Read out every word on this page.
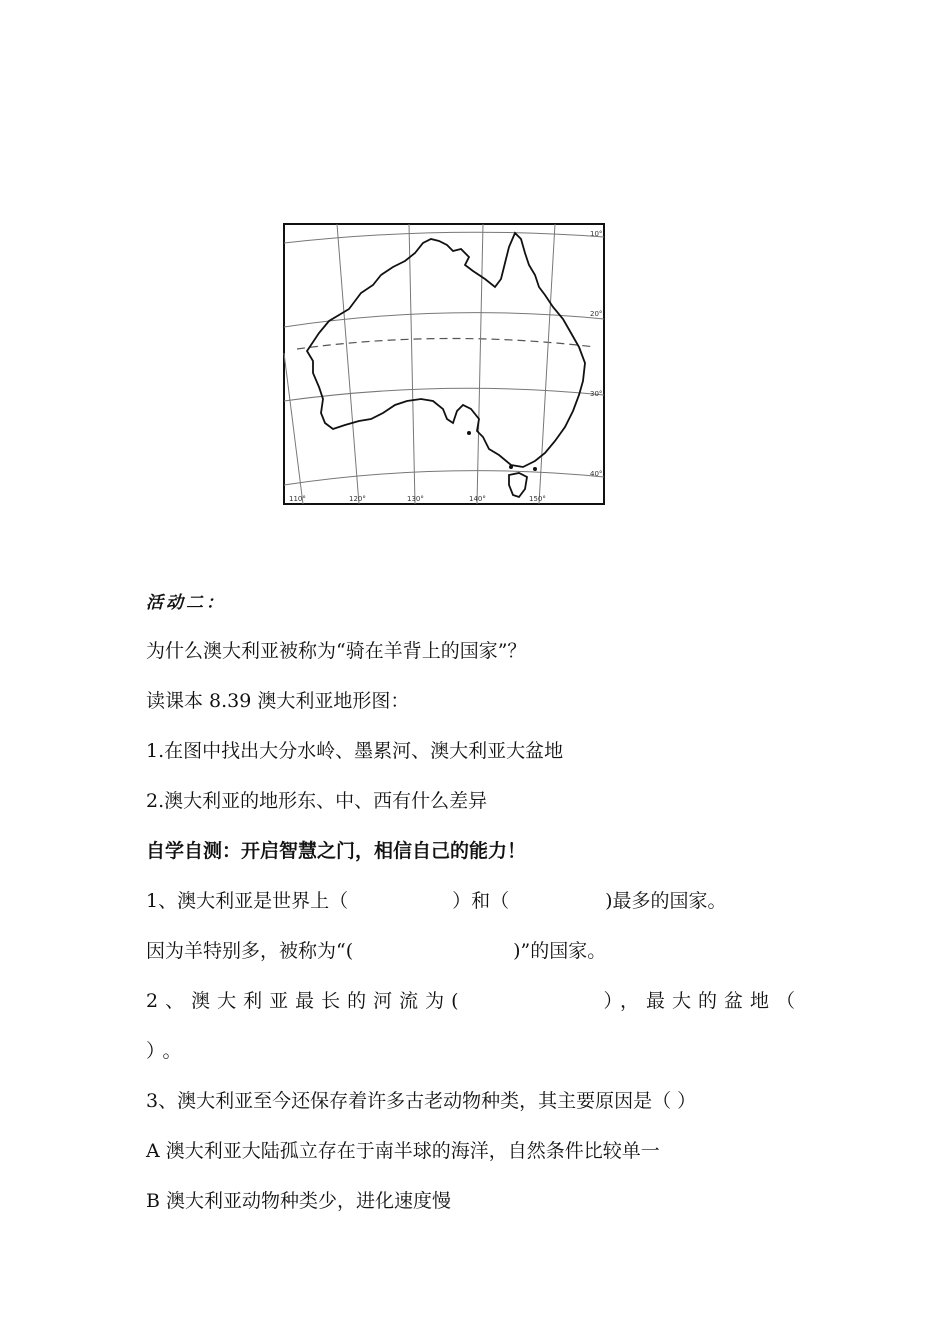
10°
20°
30°
40°
110°	120°	130°	140°	150°
活动二：
为什么澳大利亚被称为“骑在羊背上的国家”？
读课本 8.39 澳大利亚地形图：
1.在图中找出大分水岭、墨累河、澳大利亚大盆地
2.澳大利亚的地形东、中、西有什么差异
自学自测：开启智慧之门，相信自己的能力！
1、澳大利亚是世界上（	）和（	)最多的国家。
因为羊特别多，被称为“(	)”的国家。
2、澳大利亚最长的河流为(	），最大的盆地（
）。
3、澳大利亚至今还保存着许多古老动物种类，其主要原因是（ ）
A 澳大利亚大陆孤立存在于南半球的海洋，自然条件比较单一
B 澳大利亚动物种类少，进化速度慢
